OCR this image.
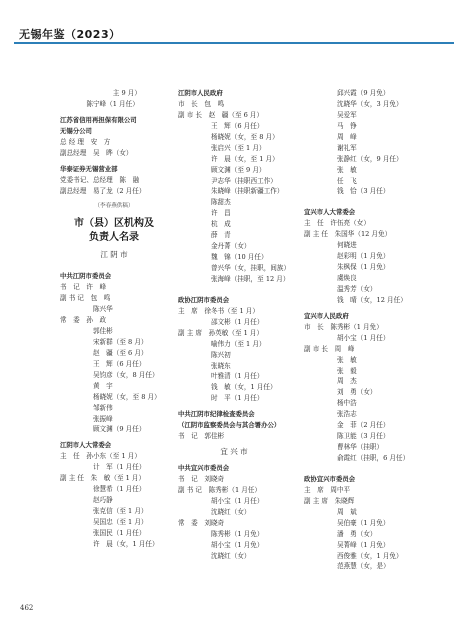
无锡年鉴（2023）
　　　　　　　　主 9 月）
　　　　陈宁峰（1 月任）
江苏省信用再担保有限公司
无锡分公司
总 经 理　安　方
副总经理　吴　晔（女）
华泰证券无锡营业部
党委书记、总经理　陈　融
副总经理　易了龙（2 月任）
（李春燕供稿）
市（县）区机构及
负责人名录
江 阴 市
中共江阴市委员会
书　记　许　峰
副 书 记　包　鸣
　　　　　陈兴华
常　委　孙　政
　　　　　郭佳彬
　　　　　宋新群（至 8 月）
　　　　　赵　疆（至 6 月）
　　　　　王　辉（6 月任）
　　　　　吴钧彦（女，8 月任）
　　　　　黄　宇
　　　　　杨晓妮（女，至 8 月）
　　　　　邹新伟
　　　　　张振峰
　　　　　顾文渊（9 月任）
江阴市人大常委会
主　任　孙小东（至 1 月）
　　　　　计　军（1 月任）
副 主 任　朱　敏（至 1 月）
　　　　　徐慧希（1 月任）
　　　　　赵巧静
　　　　　张克信（至 1 月）
　　　　　吴国忠（至 1 月）
　　　　　张国民（1 月任）
　　　　　许　晨（女，1 月任）
江阴市人民政府
市　长　包　鸣
副 市 长　赵　疆（至 6 月）
　　　　　王　辉（6 月任）
　　　　　杨晓妮（女，至 8 月）
　　　　　张启兴（至 1 月）
　　　　　许　晨（女，至 1 月）
　　　　　顾文渊（至 9 月）
　　　　　尹志华（挂职西工作）
　　　　　朱晓峰（挂职新疆工作）
　　　　　陈甜杰
　　　　　许　昌
　　　　　杭　成
　　　　　薛　青
　　　　　金丹菁（女）
　　　　　魏　锦（10 月任）
　　　　　曾兴华（女，挂职，间族）
　　　　　张海峰（挂职，至 12 月）
政协江阴市委员会
主　席　徐冬书（至 1 月）
　　　　　邵文彬（1 月任）
副 主 席　孙英敏（至 1 月）
　　　　　喻伟力（至 1 月）
　　　　　陈兴初
　　　　　张晓东
　　　　　叶雅清（1 月任）
　　　　　钱　敏（女，1 月任）
　　　　　时　平（1 月任）
中共江阴市纪律检查委员会
（江阴市监察委员会与其合署办公）
书　记　郭佳彬
宜 兴 市
中共宜兴市委员会
书　记　刘晓奇
副 书 记　陈秀彬（1 月任）
　　　　　胡小宝（1 月任）
　　　　　沈晓红（女）
常　委　刘晓奇
　　　　　陈秀彬（1 月免）
　　　　　胡小宝（1 月免）
　　　　　沈晓红（女）
　　　　　邱兴霞（9 月免）
　　　　　沈晓华（女，3 月免）
　　　　　吴爱军
　　　　　马　铮
　　　　　周　峰
　　　　　谢礼军
　　　　　张静红（女，9 月任）
　　　　　张　敏
　　　　　任　飞
　　　　　钱　恰（3 月任）
宜兴市人大常委会
主　任　许伍亮（女）
副 主 任　朱国华（12 月免）
　　　　　何晓进
　　　　　赵彩明（1 月免）
　　　　　朱枫保（1 月免）
　　　　　虞焕良
　　　　　温秀芳（女）
　　　　　钱　晴（女，12 月任）
宜兴市人民政府
市　长　陈秀彬（1 月免）
　　　　　胡小宝（1 月任）
副 市 长　周　峰
　　　　　张　敏
　　　　　张　毅
　　　　　周　杰
　　　　　刘　勇（女）
　　　　　杨中浩
　　　　　张浩志
　　　　　金　菲（2 月任）
　　　　　陈卫能（3 月任）
　　　　　曹林华（挂职）
　　　　　俞霞红（挂职，6 月任）
政协宜兴市委员会
主　席　周中平
副 主 席　朱晓辉
　　　　　周　斌
　　　　　吴伯豪（1 月免）
　　　　　潘　勇（女）
　　　　　吴菁峰（1 月免）
　　　　　西俊雅（女，1 月免）
　　　　　范燕慧（女，是）
462
